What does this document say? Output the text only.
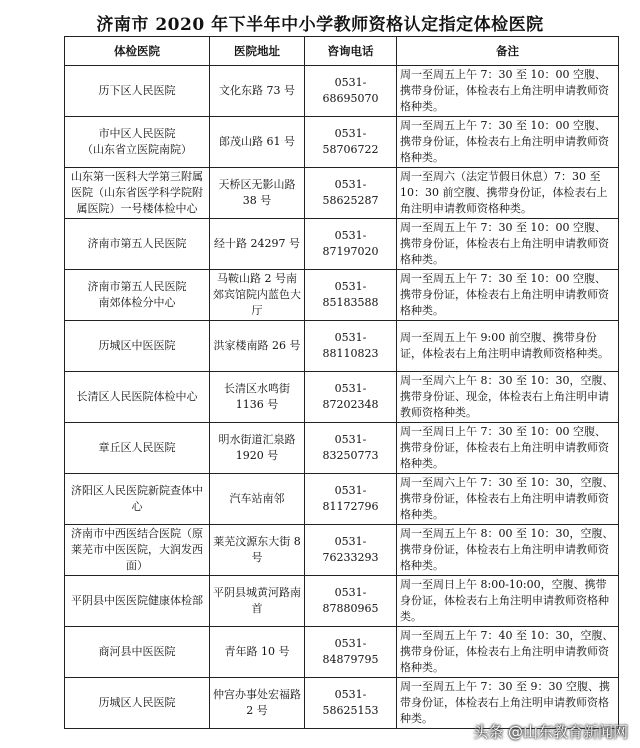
济南市 2020 年下半年中小学教师资格认定指定体检医院
体检医院	医院地址	咨询电话	备注
历下区人民医院	文化东路 73 号	0531-68695070	周一至周五上午 7：30 至 10：00 空腹、携带身份证，体检表右上角注明申请教师资格种类。
市中区人民医院
（山东省立医院南院）	郎茂山路 61 号	0531-58706722	周一至周五上午 7：30 至 10：00 空腹、携带身份证，体检表右上角注明申请教师资格种类。
山东第一医科大学第三附属医院（山东省医学科学院附属医院）一号楼体检中心	天桥区无影山路 38 号	0531-58625287	周一至周六（法定节假日休息）7：30 至 10：30 前空腹、携带身份证，体检表右上角注明申请教师资格种类。
济南市第五人民医院	经十路 24297 号	0531-87197020	周一至周五上午 7：30 至 10：00 空腹、携带身份证，体检表右上角注明申请教师资格种类。
济南市第五人民医院
南郊体检分中心	马鞍山路 2 号南郊宾馆院内蓝色大厅	0531-85183588	周一至周五上午 7：30 至 10：00 空腹、携带身份证，体检表右上角注明申请教师资格种类。
历城区中医医院	洪家楼南路 26 号	0531-88110823	周一至周五上午 9:00 前空腹、携带身份证，体检表右上角注明申请教师资格种类。
长清区人民医院体检中心	长清区水鸣街 1136 号	0531-87202348	周一至周六上午 8：30 至 10：30，空腹、携带身份证、现金，体检表右上角注明申请教师资格种类。
章丘区人民医院	明水街道汇泉路 1920 号	0531-83250773	周一至周日上午 7：30 至 10：00 空腹、携带身份证，体检表右上角注明申请教师资格种类。
济阳区人民医院新院查体中心	汽车站南邻	0531-81172796	周一至周六上午 7：30 至 10：30，空腹、携带身份证，体检表右上角注明申请教师资格种类。
济南市中西医结合医院（原莱芜市中医医院，大润发西面）	莱芜汶源东大街 8 号	0531-76233293	周一至周五上午 8：00 至 10：30，空腹、携带身份证，体检表右上角注明申请教师资格种类。
平阴县中医医院健康体检部	平阴县城黄河路南首	0531-87880965	周一至周日上午 8:00-10:00，空腹、携带身份证，体检表右上角注明申请教师资格种类。
商河县中医医院	青年路 10 号	0531-84879795	周一至周五上午 7：40 至 10：30，空腹、携带身份证，体检表右上角注明申请教师资格种类。
历城区人民医院	仲宫办事处宏福路 2 号	0531-58625153	周一至周五上午 7：30 至 9：30 空腹、携带身份证，体检表右上角注明申请教师资格种类。
头条 @山东教育新闻网
